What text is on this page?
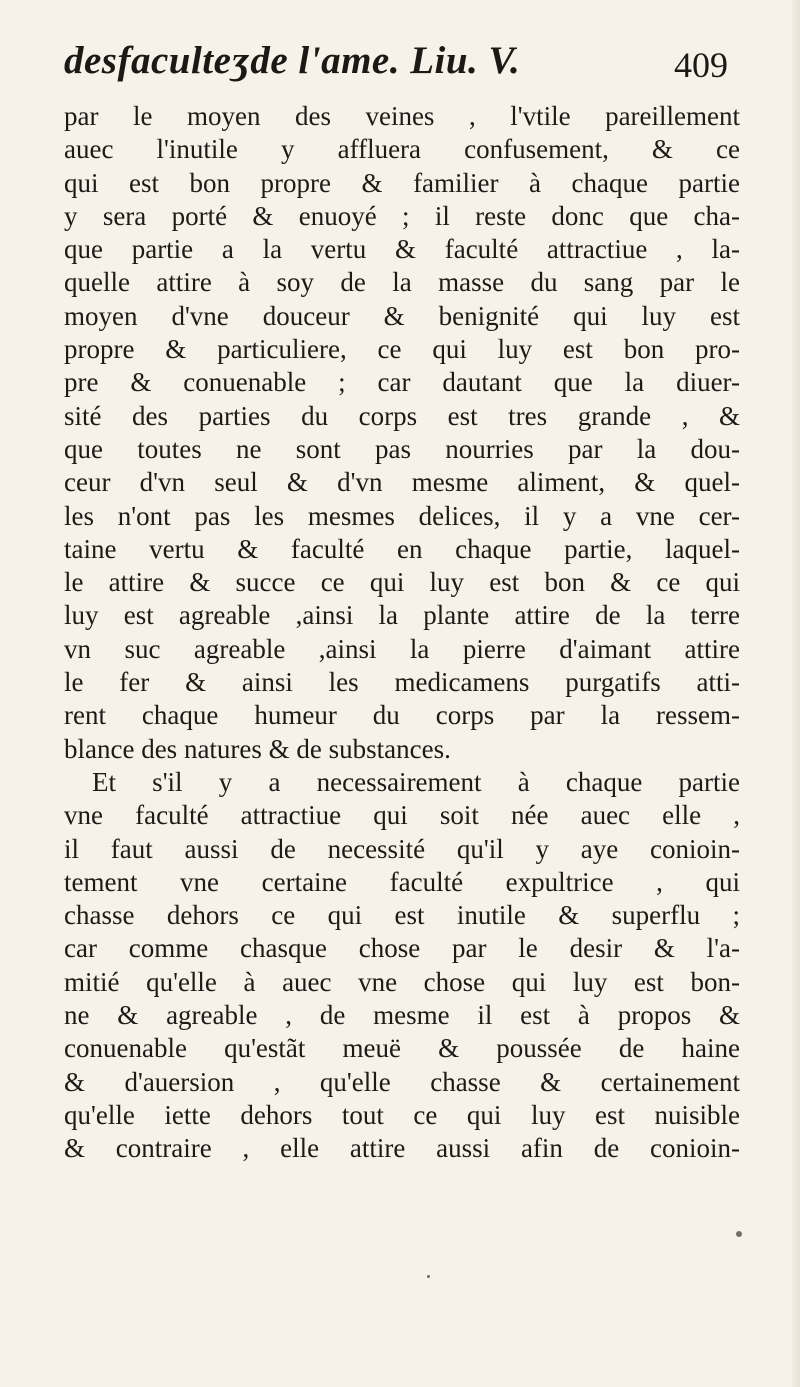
desfaculteʒde l'ame. Liu. V.	409
par le moyen des veines , l'vtile pareillement
auec l'inutile y affluera confusement, & ce
qui est bon propre & familier à chaque partie
y sera porté & enuoyé ; il reste donc que cha-
que partie a la vertu & faculté attractiue , la-
quelle attire à soy de la masse du sang par le
moyen d'vne douceur & benignité qui luy est
propre & particuliere, ce qui luy est bon pro-
pre & conuenable ; car dautant que la diuer-
sité des parties du corps est tres grande , &
que toutes ne sont pas nourries par la dou-
ceur d'vn seul & d'vn mesme aliment, & quel-
les n'ont pas les mesmes delices, il y a vne cer-
taine vertu & faculté en chaque partie, laquel-
le attire & succe ce qui luy est bon & ce qui
luy est agreable ,ainsi la plante attire de la terre
vn suc agreable ,ainsi la pierre d'aimant attire
le fer & ainsi les medicamens purgatifs atti-
rent chaque humeur du corps par la ressem-
blance des natures & de substances.
Et s'il y a necessairement à chaque partie
vne faculté attractiue qui soit née auec elle ,
il faut aussi de necessité qu'il y aye conioin-
tement vne certaine faculté expultrice , qui
chasse dehors ce qui est inutile & superflu ;
car comme chasque chose par le desir & l'a-
mitié qu'elle à auec vne chose qui luy est bon-
ne & agreable , de mesme il est à propos &
conuenable qu'estãt meuë & poussée de haine
& d'auersion , qu'elle chasse & certainement
qu'elle iette dehors tout ce qui luy est nuisible
& contraire , elle attire aussi afin de conioin-
